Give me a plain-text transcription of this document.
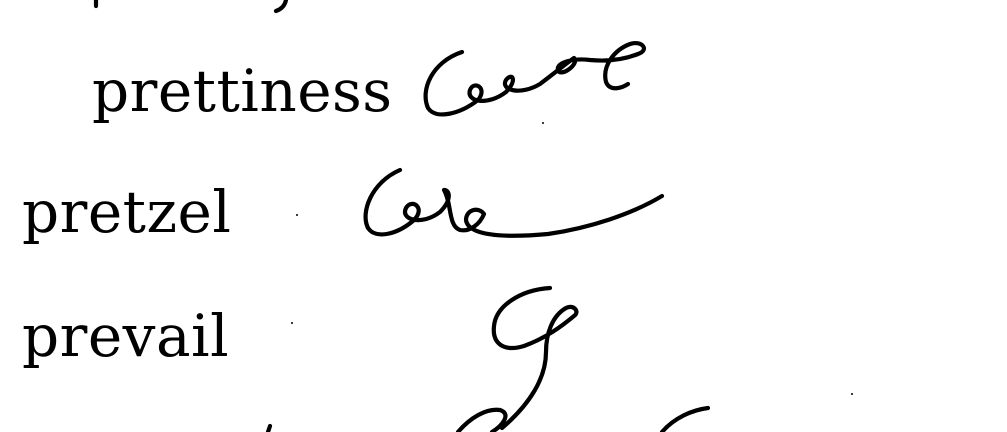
prettiness
pretzel
prevail
